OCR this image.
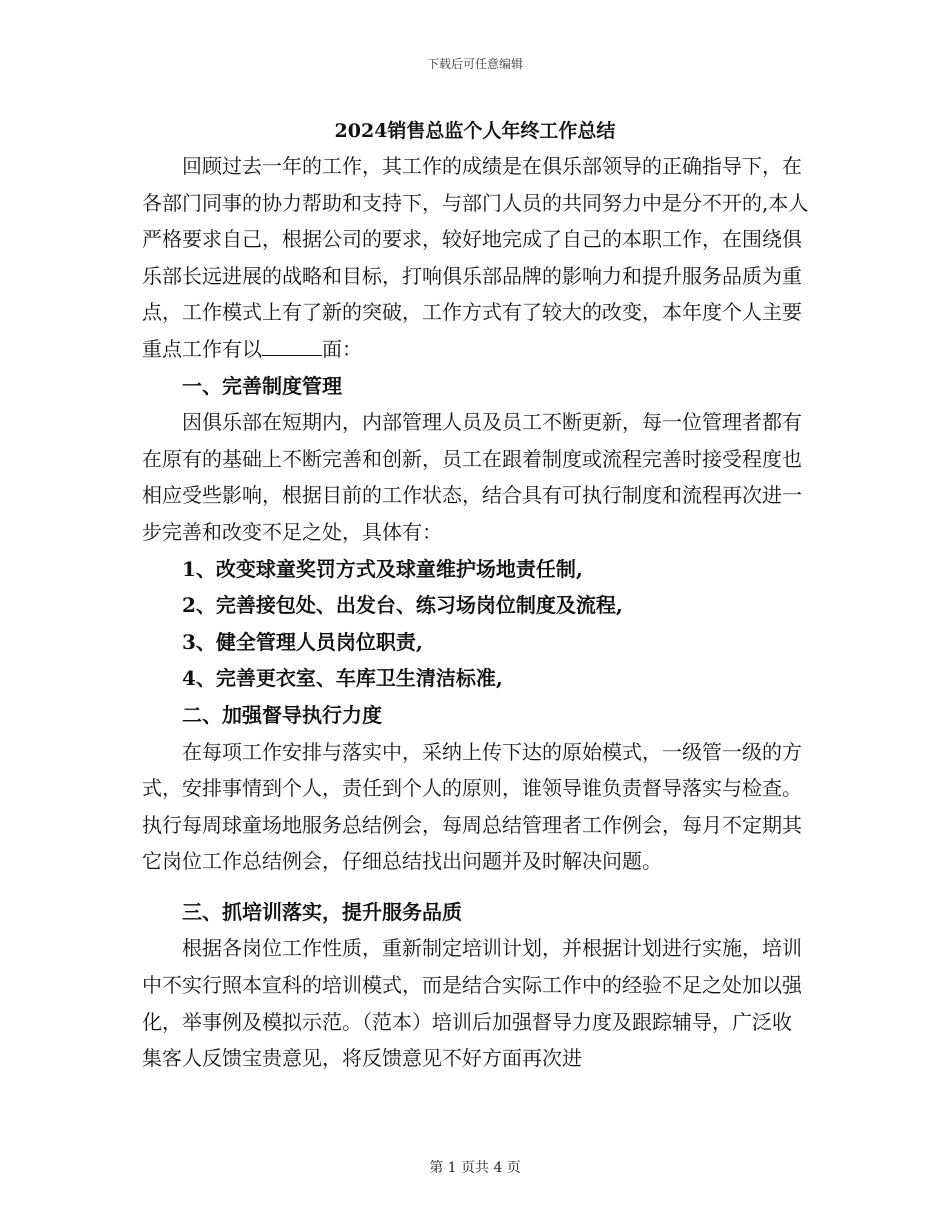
下载后可任意编辑
2024销售总监个人年终工作总结

回顾过去一年的工作，其工作的成绩是在俱乐部领导的正确指导下，在各部门同事的协力帮助和支持下，与部门人员的共同努力中是分不开的,本人严格要求自己，根据公司的要求，较好地完成了自己的本职工作，在围绕俱乐部长远进展的战略和目标，打响俱乐部品牌的影响力和提升服务品质为重点，工作模式上有了新的突破，工作方式有了较大的改变，本年度个人主要重点工作有以	面：

一、完善制度管理

因俱乐部在短期内，内部管理人员及员工不断更新，每一位管理者都有在原有的基础上不断完善和创新，员工在跟着制度或流程完善时接受程度也相应受些影响，根据目前的工作状态，结合具有可执行制度和流程再次进一步完善和改变不足之处，具体有：

1、改变球童奖罚方式及球童维护场地责任制,

2、完善接包处、出发台、练习场岗位制度及流程,

3、健全管理人员岗位职责,

4、完善更衣室、车库卫生清洁标准,

二、加强督导执行力度

在每项工作安排与落实中，采纳上传下达的原始模式，一级管一级的方式，安排事情到个人，责任到个人的原则，谁领导谁负责督导落实与检查。执行每周球童场地服务总结例会，每周总结管理者工作例会，每月不定期其它岗位工作总结例会，仔细总结找出问题并及时解决问题。

三、抓培训落实，提升服务品质

根据各岗位工作性质，重新制定培训计划，并根据计划进行实施，培训中不实行照本宣科的培训模式，而是结合实际工作中的经验不足之处加以强化，举事例及模拟示范。（范本）培训后加强督导力度及跟踪辅导，广泛收集客人反馈宝贵意见，将反馈意见不好方面再次进

第 1 页共 4 页
